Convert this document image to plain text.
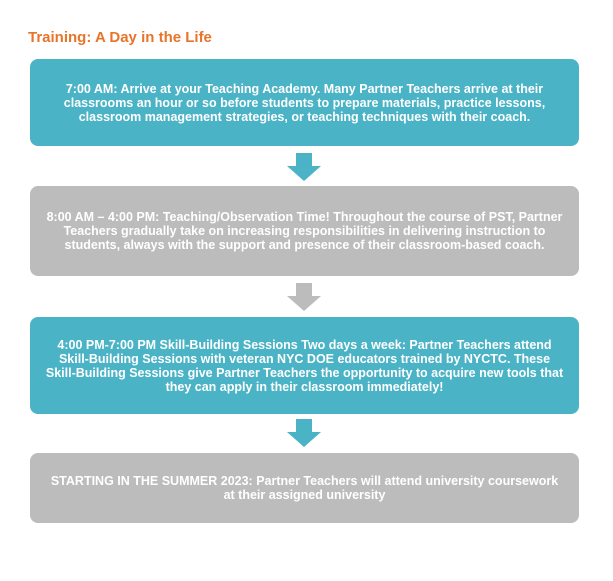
Training: A Day in the Life
7:00 AM: Arrive at your Teaching Academy. Many Partner Teachers arrive at their classrooms an hour or so before students to prepare materials, practice lessons, classroom management strategies, or teaching techniques with their coach.
8:00 AM – 4:00 PM: Teaching/Observation Time! Throughout the course of PST, Partner Teachers gradually take on increasing responsibilities in delivering instruction to students, always with the support and presence of their classroom-based coach.
4:00 PM-7:00 PM Skill-Building Sessions Two days a week: Partner Teachers attend Skill-Building Sessions with veteran NYC DOE educators trained by NYCTC. These Skill-Building Sessions give Partner Teachers the opportunity to acquire new tools that they can apply in their classroom immediately!
STARTING IN THE SUMMER 2023: Partner Teachers will attend university coursework at their assigned university
